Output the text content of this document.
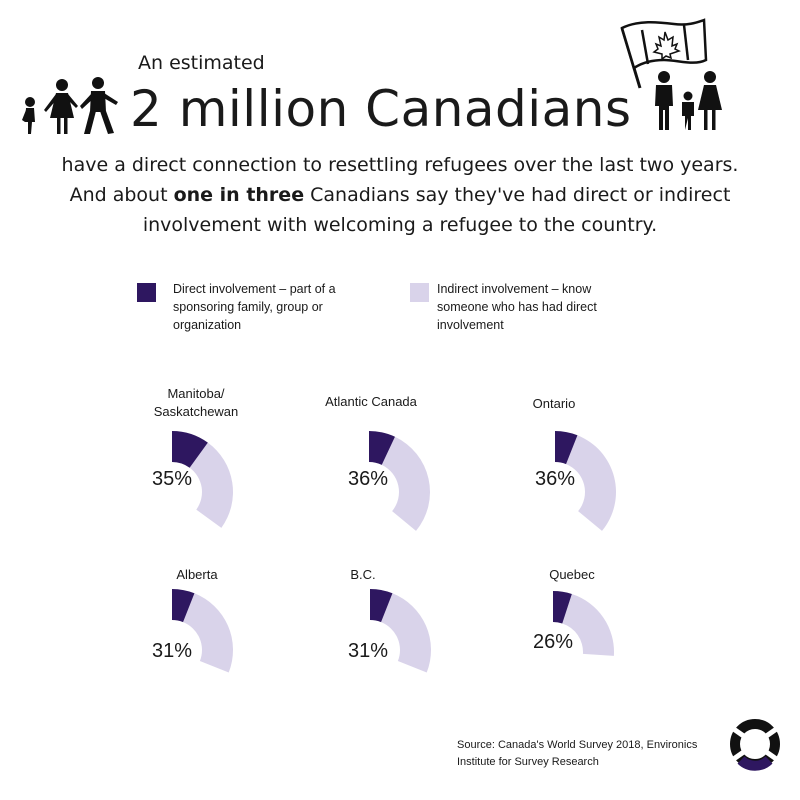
An estimated
2 million Canadians
have a direct connection to resettling refugees over the last two years.
And about one in three Canadians say they've had direct or indirect
involvement with welcoming a refugee to the country.
Direct involvement – part of a
sponsoring family, group or
organization
Indirect involvement – know
someone who has had direct
involvement
Manitoba/
Saskatchewan
35%
Atlantic Canada
36%
Ontario
36%
Alberta
31%
B.C.
31%
Quebec
26%
Source: Canada's World Survey 2018, Environics
Institute for Survey Research
